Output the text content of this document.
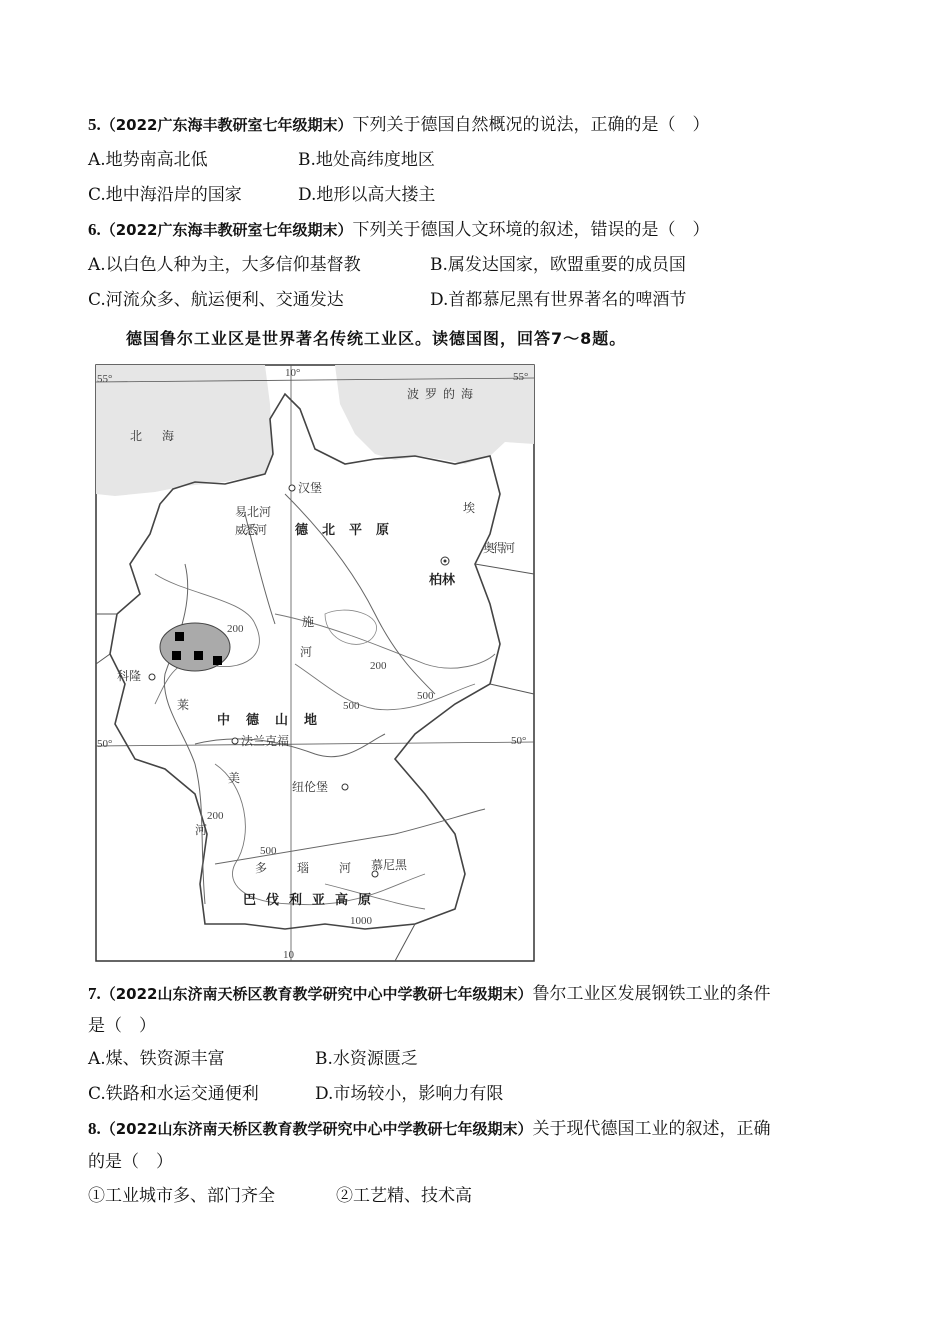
5.（2022广东海丰教研室七年级期末）下列关于德国自然概况的说法，正确的是（　）
A.地势南高北低	B.地处高纬度地区
C.地中海沿岸的国家	D.地形以高大搂主
6.（2022广东海丰教研室七年级期末）下列关于德国人文环境的叙述，错误的是（　）
A.以白色人种为主，大多信仰基督教	B.属发达国家，欧盟重要的成员国
C.河流众多、航运便利、交通发达	D.首都慕尼黑有世界著名的啤酒节
德国鲁尔工业区是世界著名传统工业区。读德国图，回答7～8题。
55°	55°
10°
50°	50°
10
波罗的海
北海
汉堡
柏林
科隆
法兰克福
纽伦堡
慕尼黑
德北平原
中德山地
巴伐利亚高原
威悉河
易北河	埃
莱
奥得河
多瑙河
美
河
200
200
200
500
500
500
1000
施
河
7.（2022山东济南天桥区教育教学研究中心中学教研七年级期末）鲁尔工业区发展钢铁工业的条件
是（　）
A.煤、铁资源丰富	B.水资源匮乏
C.铁路和水运交通便利	D.市场较小，影响力有限
8.（2022山东济南天桥区教育教学研究中心中学教研七年级期末）关于现代德国工业的叙述，正确
的是（　）
①工业城市多、部门齐全	②工艺精、技术高
